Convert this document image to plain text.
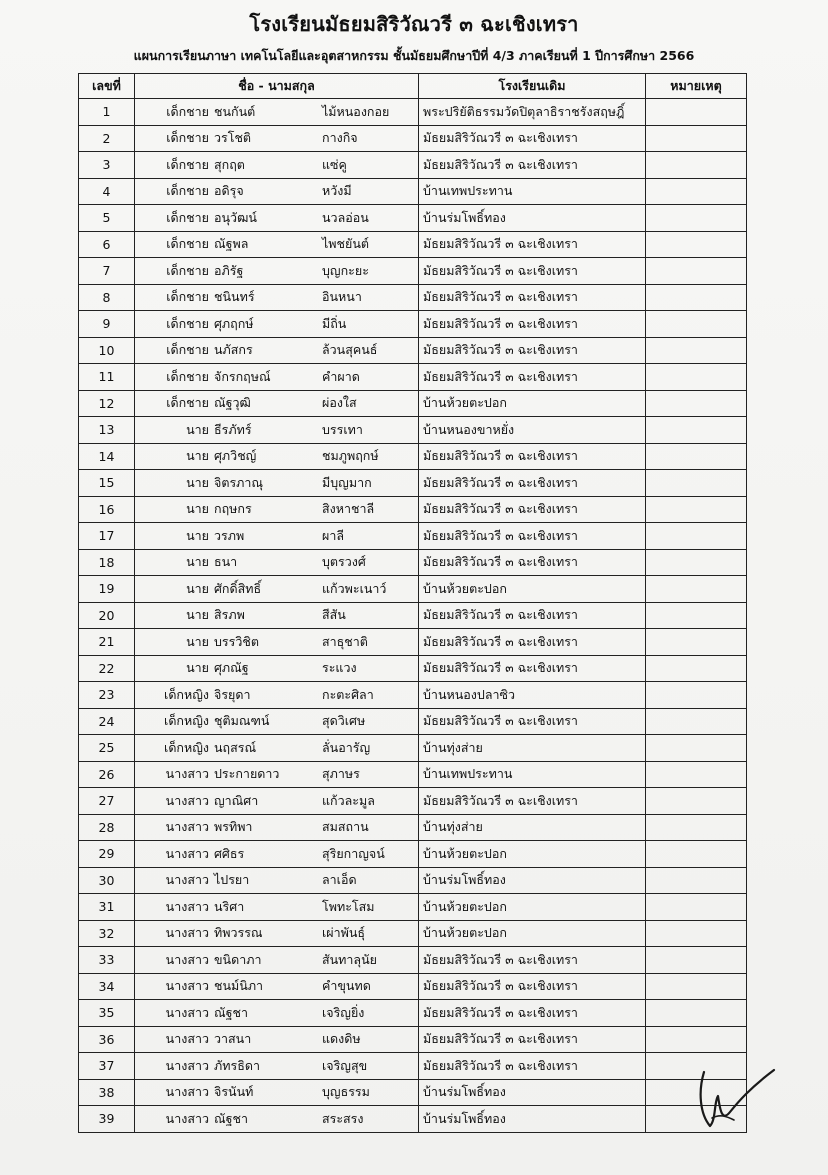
โรงเรียนมัธยมสิริวัณวรี ๓ ฉะเชิงเทรา
แผนการเรียนภาษา เทคโนโลยีและอุตสาหกรรม ชั้นมัธยมศึกษาปีที่ 4/3 ภาคเรียนที่ 1 ปีการศึกษา 2566
เลขที่	ชื่อ - นามสกุล	โรงเรียนเดิม	หมายเหตุ
1	เด็กชาย ชนกันต์ ไม้หนองกอย	พระปริยัติธรรมวัดปิตุลาธิราชรังสฤษฎิ์	
2	เด็กชาย วรโชติ กางกิจ	มัธยมสิริวัณวรี ๓ ฉะเชิงเทรา	
3	เด็กชาย สุกฤต แซ่คู	มัธยมสิริวัณวรี ๓ ฉะเชิงเทรา	
4	เด็กชาย อดิรุจ หวังมี	บ้านเทพประทาน	
5	เด็กชาย อนุวัฒน์ นวลอ่อน	บ้านร่มโพธิ์ทอง	
6	เด็กชาย ณัฐพล ไพชยันต์	มัธยมสิริวัณวรี ๓ ฉะเชิงเทรา	
7	เด็กชาย อภิรัฐ บุญกะยะ	มัธยมสิริวัณวรี ๓ ฉะเชิงเทรา	
8	เด็กชาย ชนินทร์ อินหนา	มัธยมสิริวัณวรี ๓ ฉะเชิงเทรา	
9	เด็กชาย ศุภฤกษ์ มีถิ่น	มัธยมสิริวัณวรี ๓ ฉะเชิงเทรา	
10	เด็กชาย นภัสกร ล้วนสุคนธ์	มัธยมสิริวัณวรี ๓ ฉะเชิงเทรา	
11	เด็กชาย จักรกฤษณ์ คำผาด	มัธยมสิริวัณวรี ๓ ฉะเชิงเทรา	
12	เด็กชาย ณัฐวุฒิ ผ่องใส	บ้านห้วยตะปอก	
13	นาย ธีรภัทร์ บรรเทา	บ้านหนองขาหยั่ง	
14	นาย ศุภวิชญ์ ชมภูพฤกษ์	มัธยมสิริวัณวรี ๓ ฉะเชิงเทรา	
15	นาย จิตรภาณุ มีบุญมาก	มัธยมสิริวัณวรี ๓ ฉะเชิงเทรา	
16	นาย กฤษกร สิงหาชาลี	มัธยมสิริวัณวรี ๓ ฉะเชิงเทรา	
17	นาย วรภพ ผาลี	มัธยมสิริวัณวรี ๓ ฉะเชิงเทรา	
18	นาย ธนา บุตรวงศ์	มัธยมสิริวัณวรี ๓ ฉะเชิงเทรา	
19	นาย ศักดิ์สิทธิ์ แก้วพะเนาว์	บ้านห้วยตะปอก	
20	นาย สิรภพ สีสัน	มัธยมสิริวัณวรี ๓ ฉะเชิงเทรา	
21	นาย บรรวิชิต สาธุชาติ	มัธยมสิริวัณวรี ๓ ฉะเชิงเทรา	
22	นาย ศุภณัฐ ระแวง	มัธยมสิริวัณวรี ๓ ฉะเชิงเทรา	
23	เด็กหญิง จิรยุดา กะตะศิลา	บ้านหนองปลาซิว	
24	เด็กหญิง ชุติมณฑน์ สุดวิเศษ	มัธยมสิริวัณวรี ๓ ฉะเชิงเทรา	
25	เด็กหญิง นฤสรณ์ ลั่นอารัญ	บ้านทุ่งส่าย	
26	นางสาว ประกายดาว สุภาษร	บ้านเทพประทาน	
27	นางสาว ญาณิศา แก้วละมูล	มัธยมสิริวัณวรี ๓ ฉะเชิงเทรา	
28	นางสาว พรทิพา สมสถาน	บ้านทุ่งส่าย	
29	นางสาว ศศิธร สุริยกาญจน์	บ้านห้วยตะปอก	
30	นางสาว ไปรยา ลาเอ็ด	บ้านร่มโพธิ์ทอง	
31	นางสาว นริศา โพทะโสม	บ้านห้วยตะปอก	
32	นางสาว ทิพวรรณ เผ่าพันธุ์	บ้านห้วยตะปอก	
33	นางสาว ขนิดาภา สันทาลุนัย	มัธยมสิริวัณวรี ๓ ฉะเชิงเทรา	
34	นางสาว ชนม์นิภา คำขุนทด	มัธยมสิริวัณวรี ๓ ฉะเชิงเทรา	
35	นางสาว ณัฐชา เจริญยิ่ง	มัธยมสิริวัณวรี ๓ ฉะเชิงเทรา	
36	นางสาว วาสนา แดงดิษ	มัธยมสิริวัณวรี ๓ ฉะเชิงเทรา	
37	นางสาว ภัทรธิดา เจริญสุข	มัธยมสิริวัณวรี ๓ ฉะเชิงเทรา	
38	นางสาว จิรนันท์ บุญธรรม	บ้านร่มโพธิ์ทอง	
39	นางสาว ณัฐชา สระสรง	บ้านร่มโพธิ์ทอง	
